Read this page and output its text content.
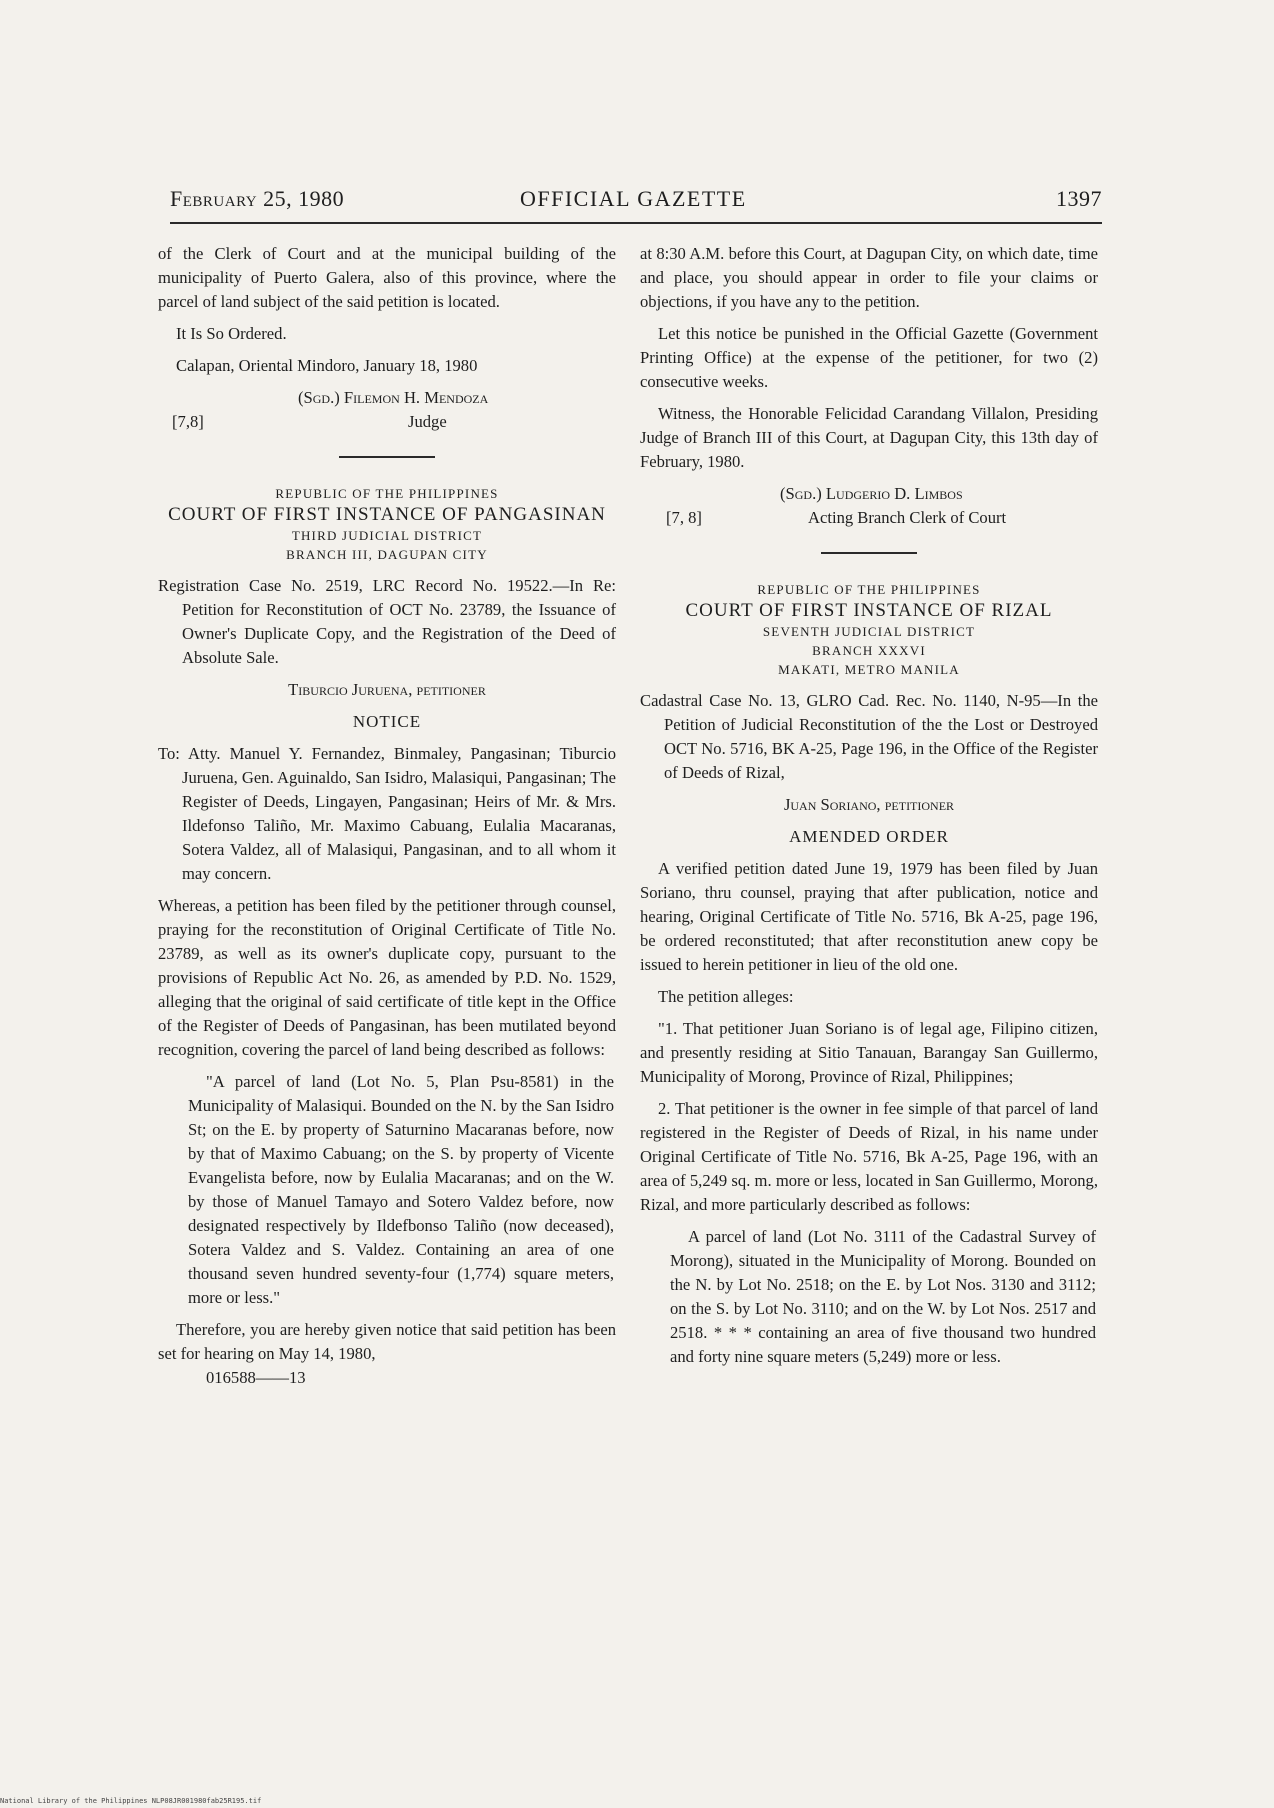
February 25, 1980	OFFICIAL GAZETTE	1397

of the Clerk of Court and at the municipal building of the municipality of Puerto Galera, also of this province, where the parcel of land subject of the said petition is located.

It Is So Ordered.

Calapan, Oriental Mindoro, January 18, 1980

(Sgd.) Filemon H. Mendoza
[7,8]	Judge

REPUBLIC OF THE PHILIPPINES

COURT OF FIRST INSTANCE OF PANGASINAN

THIRD JUDICIAL DISTRICT

BRANCH III, DAGUPAN CITY

Registration Case No. 2519, LRC Record No. 19522.—In Re: Petition for Reconstitution of OCT No. 23789, the Issuance of Owner's Duplicate Copy, and the Registration of the Deed of Absolute Sale.

Tiburcio Juruena, petitioner

NOTICE

To: Atty. Manuel Y. Fernandez, Binmaley, Pangasinan; Tiburcio Juruena, Gen. Aguinaldo, San Isidro, Malasiqui, Pangasinan; The Register of Deeds, Lingayen, Pangasinan; Heirs of Mr. & Mrs. Ildefonso Taliño, Mr. Maximo Cabuang, Eulalia Macaranas, Sotera Valdez, all of Malasiqui, Pangasinan, and to all whom it may concern.

Whereas, a petition has been filed by the petitioner through counsel, praying for the reconstitution of Original Certificate of Title No. 23789, as well as its owner's duplicate copy, pursuant to the provisions of Republic Act No. 26, as amended by P.D. No. 1529, alleging that the original of said certificate of title kept in the Office of the Register of Deeds of Pangasinan, has been mutilated beyond recognition, covering the parcel of land being described as follows:

"A parcel of land (Lot No. 5, Plan Psu-8581) in the Municipality of Malasiqui. Bounded on the N. by the San Isidro St; on the E. by property of Saturnino Macaranas before, now by that of Maximo Cabuang; on the S. by property of Vicente Evangelista before, now by Eulalia Macaranas; and on the W. by those of Manuel Tamayo and Sotero Valdez before, now designated respectively by Ildefbonso Taliño (now deceased), Sotera Valdez and S. Valdez. Containing an area of one thousand seven hundred seventy-four (1,774) square meters, more or less."

Therefore, you are hereby given notice that said petition has been set for hearing on May 14, 1980,

016588——13

at 8:30 A.M. before this Court, at Dagupan City, on which date, time and place, you should appear in order to file your claims or objections, if you have any to the petition.

Let this notice be punished in the Official Gazette (Government Printing Office) at the expense of the petitioner, for two (2) consecutive weeks.

Witness, the Honorable Felicidad Carandang Villalon, Presiding Judge of Branch III of this Court, at Dagupan City, this 13th day of February, 1980.

(Sgd.) Ludgerio D. Limbos
[7, 8]	Acting Branch Clerk of Court

REPUBLIC OF THE PHILIPPINES

COURT OF FIRST INSTANCE OF RIZAL

SEVENTH JUDICIAL DISTRICT

BRANCH XXXVI

MAKATI, METRO MANILA

Cadastral Case No. 13, GLRO Cad. Rec. No. 1140, N-95—In the Petition of Judicial Reconstitution of the the Lost or Destroyed OCT No. 5716, BK A-25, Page 196, in the Office of the Register of Deeds of Rizal,

Juan Soriano, petitioner

AMENDED ORDER

A verified petition dated June 19, 1979 has been filed by Juan Soriano, thru counsel, praying that after publication, notice and hearing, Original Certificate of Title No. 5716, Bk A-25, page 196, be ordered reconstituted; that after reconstitution anew copy be issued to herein petitioner in lieu of the old one.

The petition alleges:

"1. That petitioner Juan Soriano is of legal age, Filipino citizen, and presently residing at Sitio Tanauan, Barangay San Guillermo, Municipality of Morong, Province of Rizal, Philippines;

2. That petitioner is the owner in fee simple of that parcel of land registered in the Register of Deeds of Rizal, in his name under Original Certificate of Title No. 5716, Bk A-25, Page 196, with an area of 5,249 sq. m. more or less, located in San Guillermo, Morong, Rizal, and more particularly described as follows:

A parcel of land (Lot No. 3111 of the Cadastral Survey of Morong), situated in the Municipality of Morong. Bounded on the N. by Lot No. 2518; on the E. by Lot Nos. 3130 and 3112; on the S. by Lot No. 3110; and on the W. by Lot Nos. 2517 and 2518. * * * containing an area of five thousand two hundred and forty nine square meters (5,249) more or less.

National Library of the Philippines NLP08JR001980fab25R195.tif
